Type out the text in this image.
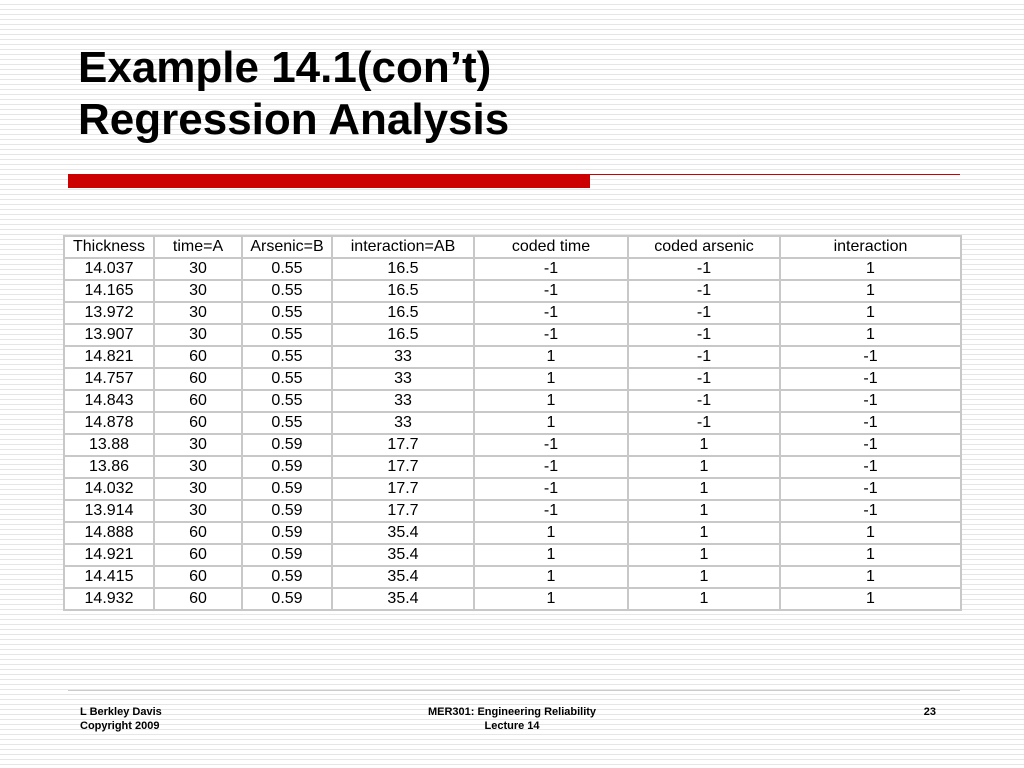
Example 14.1(con’t)
Regression Analysis
Thickness	time=A	Arsenic=B	interaction=AB	coded time	coded arsenic	interaction
14.037	30	0.55	16.5	-1	-1	1
14.165	30	0.55	16.5	-1	-1	1
13.972	30	0.55	16.5	-1	-1	1
13.907	30	0.55	16.5	-1	-1	1
14.821	60	0.55	33	1	-1	-1
14.757	60	0.55	33	1	-1	-1
14.843	60	0.55	33	1	-1	-1
14.878	60	0.55	33	1	-1	-1
13.88	30	0.59	17.7	-1	1	-1
13.86	30	0.59	17.7	-1	1	-1
14.032	30	0.59	17.7	-1	1	-1
13.914	30	0.59	17.7	-1	1	-1
14.888	60	0.59	35.4	1	1	1
14.921	60	0.59	35.4	1	1	1
14.415	60	0.59	35.4	1	1	1
14.932	60	0.59	35.4	1	1	1
L Berkley Davis
Copyright 2009
MER301: Engineering Reliability
Lecture 14
23
